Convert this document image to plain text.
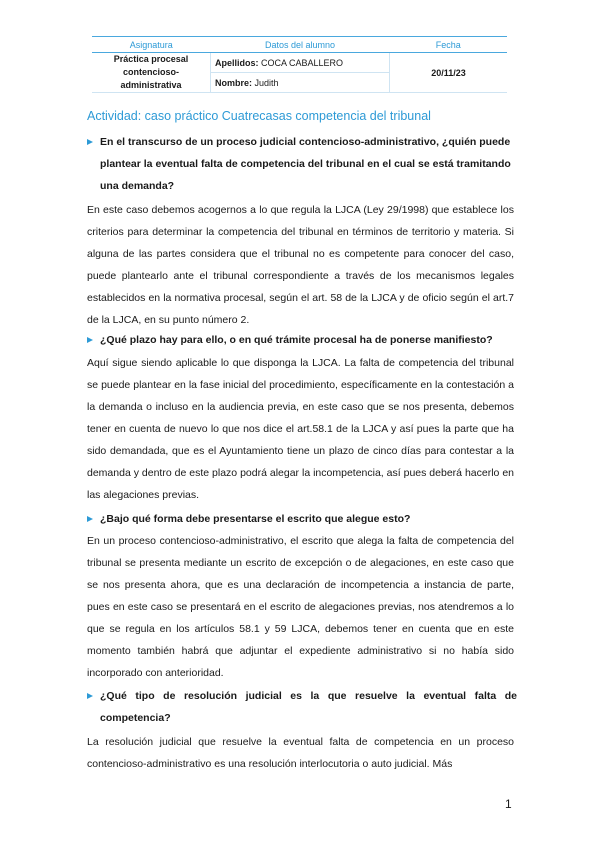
Asignatura	Datos del alumno	Fecha
Práctica procesal contencioso-administrativa	Apellidos: COCA CABALLERO	20/11/23
	Nombre: Judith	
Actividad: caso práctico Cuatrecasas competencia del tribunal
En el transcurso de un proceso judicial contencioso-administrativo, ¿quién puede plantear la eventual falta de competencia del tribunal en el cual se está tramitando una demanda?

En este caso debemos acogernos a lo que regula la LJCA (Ley 29/1998) que establece los criterios para determinar la competencia del tribunal en términos de territorio y materia. Si alguna de las partes considera que el tribunal no es competente para conocer del caso, puede plantearlo ante el tribunal correspondiente a través de los mecanismos legales establecidos en la normativa procesal, según el art. 58 de la LJCA y de oficio según el art.7 de la LJCA, en su punto número 2.

¿Qué plazo hay para ello, o en qué trámite procesal ha de ponerse manifiesto?

Aquí sigue siendo aplicable lo que disponga la LJCA. La falta de competencia del tribunal se puede plantear en la fase inicial del procedimiento, específicamente en la contestación a la demanda o incluso en la audiencia previa, en este caso que se nos presenta, debemos tener en cuenta de nuevo lo que nos dice el art.58.1 de la LJCA y así pues la parte que ha sido demandada, que es el Ayuntamiento tiene un plazo de cinco días para contestar a la demanda y dentro de este plazo podrá alegar la incompetencia, así pues deberá hacerlo en las alegaciones previas.

¿Bajo qué forma debe presentarse el escrito que alegue esto?

En un proceso contencioso-administrativo, el escrito que alega la falta de competencia del tribunal se presenta mediante un escrito de excepción o de alegaciones, en este caso que se nos presenta ahora, que es una declaración de incompetencia a instancia de parte, pues en este caso se presentará en el escrito de alegaciones previas, nos atendremos a lo que se regula en los artículos 58.1 y 59 LJCA, debemos tener en cuenta que en este momento también habrá que adjuntar el expediente administrativo si no había sido incorporado con anterioridad.

¿Qué tipo de resolución judicial es la que resuelve la eventual falta de competencia?

La resolución judicial que resuelve la eventual falta de competencia en un proceso contencioso-administrativo es una resolución interlocutoria o auto judicial. Más

1
